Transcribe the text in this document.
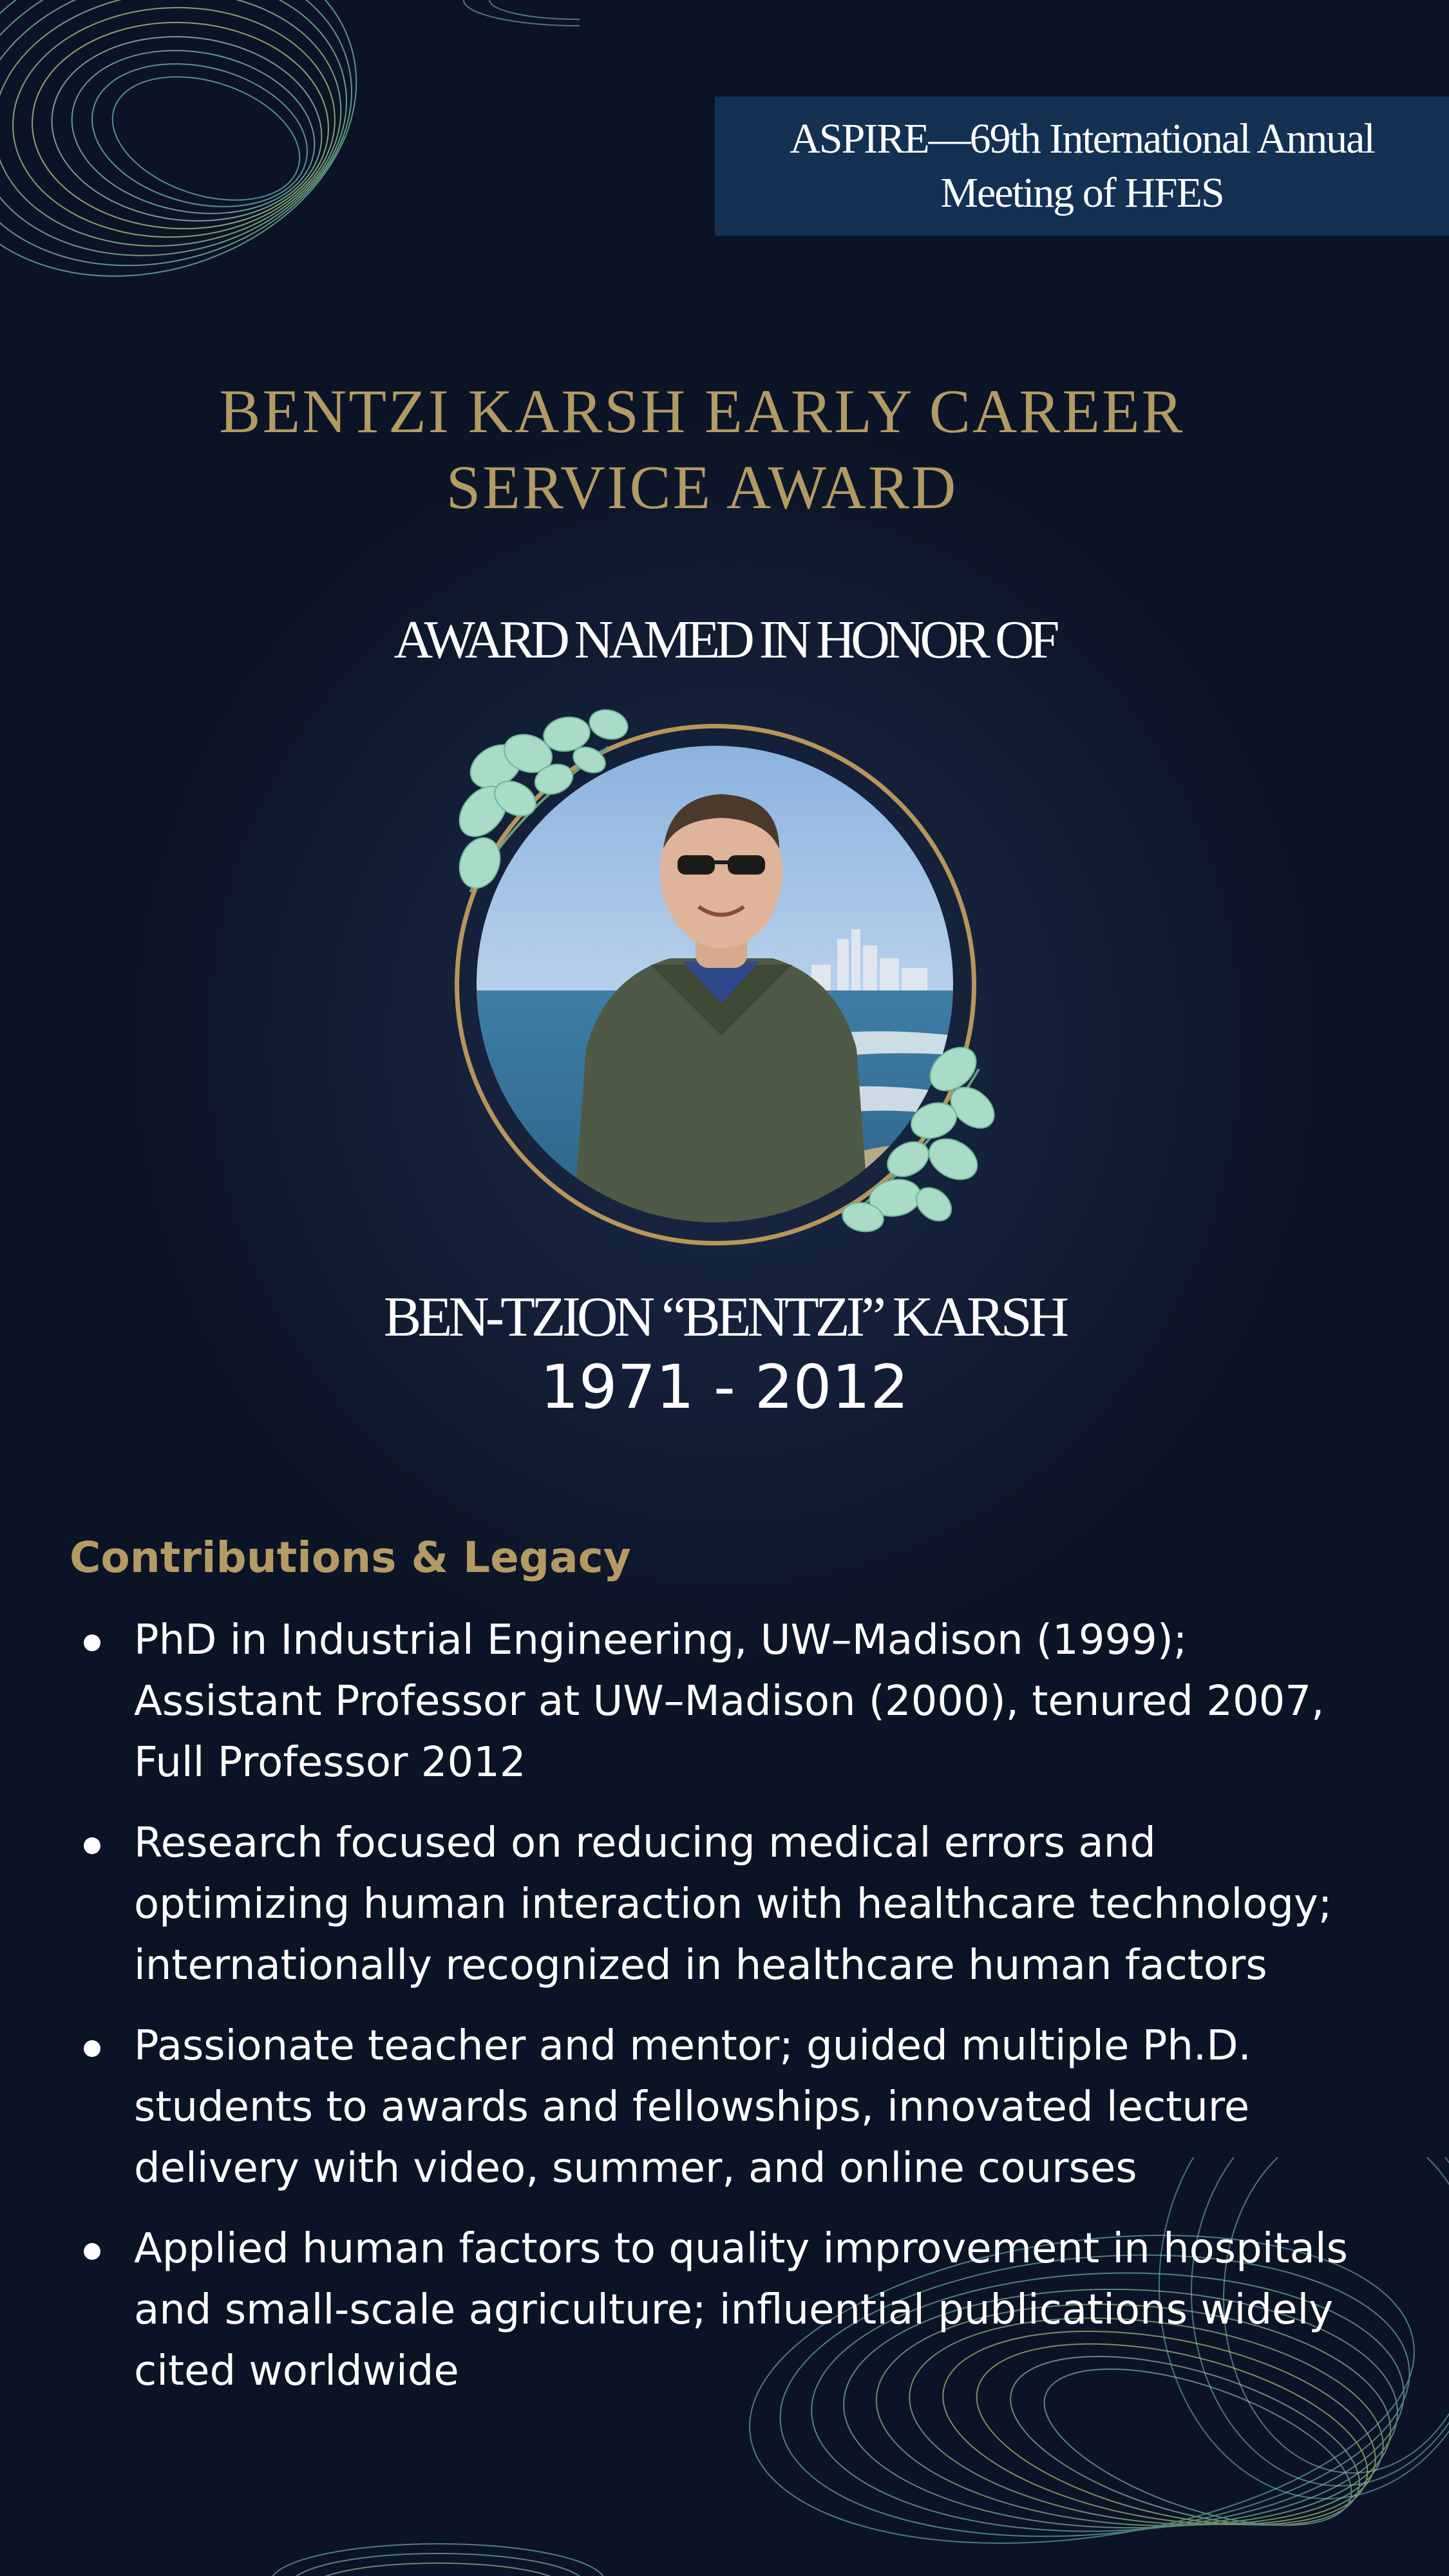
ASPIRE—69th International Annual
Meeting of HFES
BENTZI KARSH EARLY CAREER
SERVICE AWARD
AWARD NAMED IN HONOR OF
BEN-TZION “BENTZI” KARSH
1971 - 2012
Contributions & Legacy
PhD in Industrial Engineering, UW–Madison (1999);
Assistant Professor at UW–Madison (2000), tenured 2007,
Full Professor 2012
Research focused on reducing medical errors and
optimizing human interaction with healthcare technology;
internationally recognized in healthcare human factors
Passionate teacher and mentor; guided multiple Ph.D.
students to awards and fellowships, innovated lecture
delivery with video, summer, and online courses
Applied human factors to quality improvement in hospitals
and small-scale agriculture; influential publications widely
cited worldwide
